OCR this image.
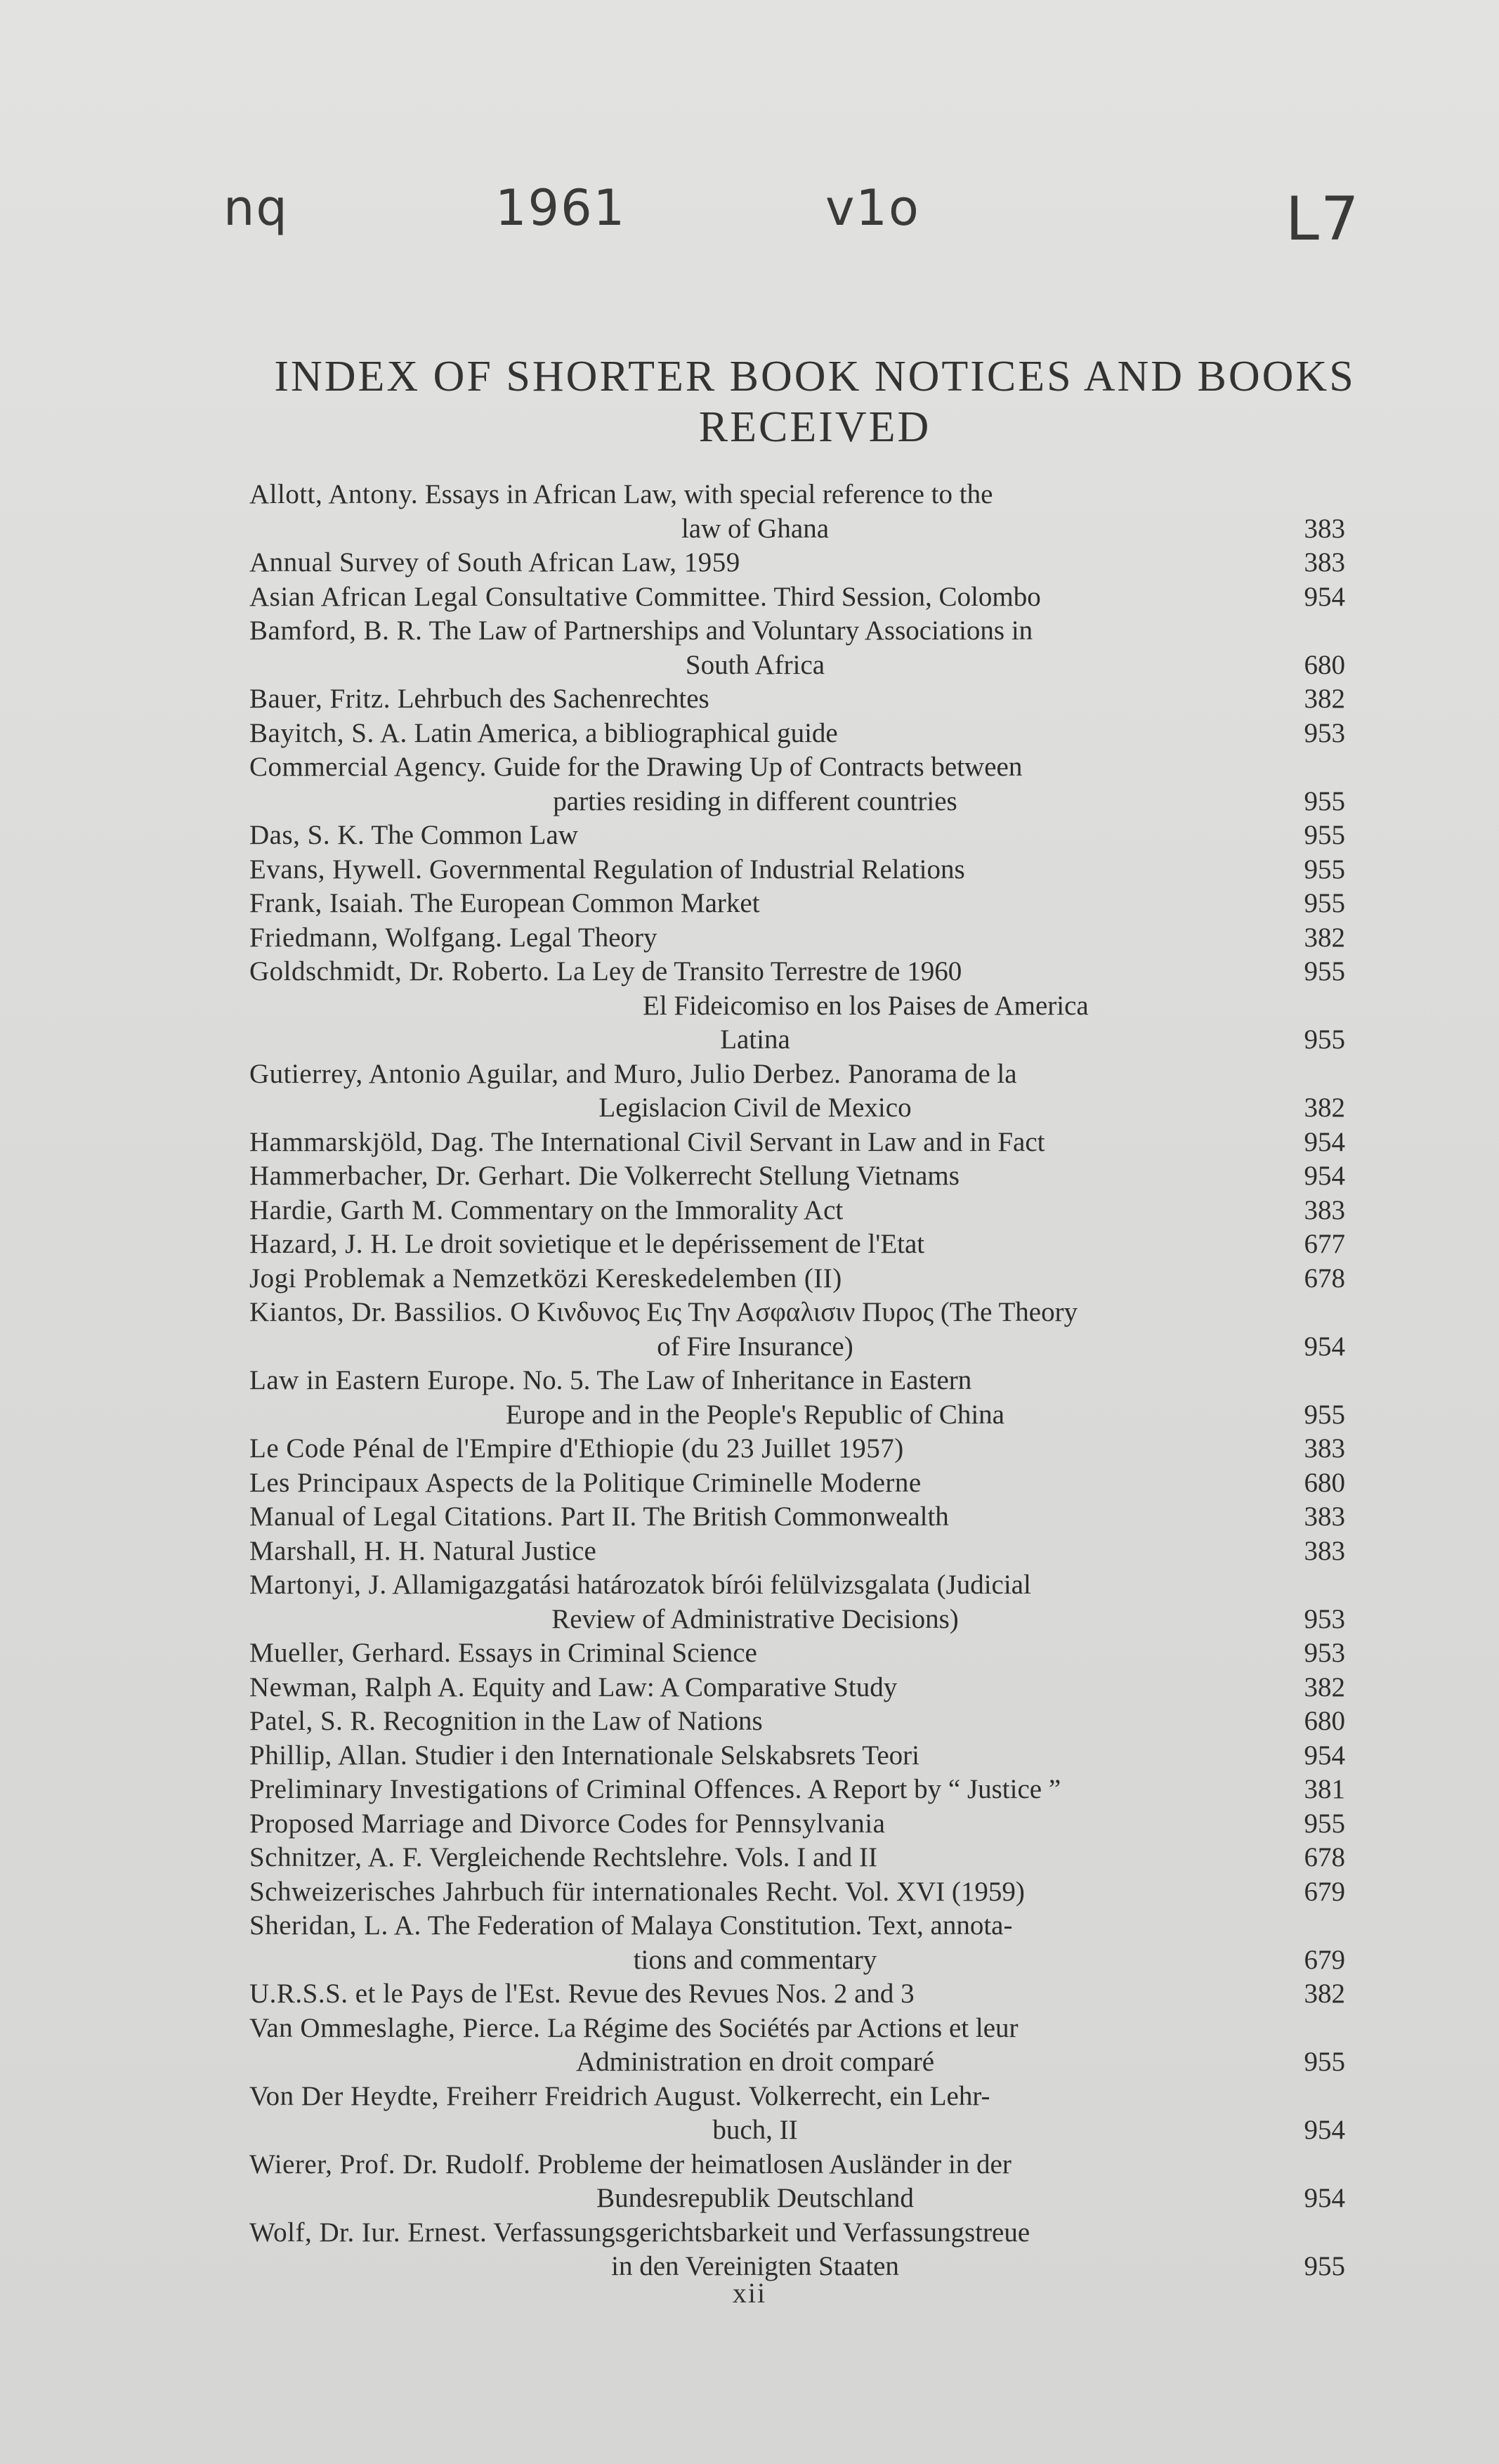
nq	1961	v1o	L7
INDEX OF SHORTER BOOK NOTICES AND BOOKS RECEIVED
Allott, Antony. Essays in African Law, with special reference to the
law of Ghana	383
Annual Survey of South African Law, 1959	383
Asian African Legal Consultative Committee. Third Session, Colombo	954
Bamford, B. R. The Law of Partnerships and Voluntary Associations in
South Africa	680
Bauer, Fritz. Lehrbuch des Sachenrechtes	382
Bayitch, S. A. Latin America, a bibliographical guide	953
Commercial Agency. Guide for the Drawing Up of Contracts between
parties residing in different countries	955
Das, S. K. The Common Law	955
Evans, Hywell. Governmental Regulation of Industrial Relations	955
Frank, Isaiah. The European Common Market	955
Friedmann, Wolfgang. Legal Theory	382
Goldschmidt, Dr. Roberto. La Ley de Transito Terrestre de 1960	955
El Fideicomiso en los Paises de America
Latina	955
Gutierrey, Antonio Aguilar, and Muro, Julio Derbez. Panorama de la
Legislacion Civil de Mexico	382
Hammarskjöld, Dag. The International Civil Servant in Law and in Fact	954
Hammerbacher, Dr. Gerhart. Die Volkerrecht Stellung Vietnams	954
Hardie, Garth M. Commentary on the Immorality Act	383
Hazard, J. H. Le droit sovietique et le depérissement de l'Etat	677
Jogi Problemak a Nemzetközi Kereskedelemben (II)	678
Kiantos, Dr. Bassilios. Ο Κινδυνος Εις Την Ασφαλισιν Πυρος (The Theory
of Fire Insurance)	954
Law in Eastern Europe. No. 5. The Law of Inheritance in Eastern
Europe and in the People's Republic of China	955
Le Code Pénal de l'Empire d'Ethiopie (du 23 Juillet 1957)	383
Les Principaux Aspects de la Politique Criminelle Moderne	680
Manual of Legal Citations. Part II. The British Commonwealth	383
Marshall, H. H. Natural Justice	383
Martonyi, J. Allamigazgatási határozatok bírói felülvizsgalata (Judicial
Review of Administrative Decisions)	953
Mueller, Gerhard. Essays in Criminal Science	953
Newman, Ralph A. Equity and Law: A Comparative Study	382
Patel, S. R. Recognition in the Law of Nations	680
Phillip, Allan. Studier i den Internationale Selskabsrets Teori	954
Preliminary Investigations of Criminal Offences. A Report by “ Justice ”	381
Proposed Marriage and Divorce Codes for Pennsylvania	955
Schnitzer, A. F. Vergleichende Rechtslehre. Vols. I and II	678
Schweizerisches Jahrbuch für internationales Recht. Vol. XVI (1959)	679
Sheridan, L. A. The Federation of Malaya Constitution. Text, annota-
tions and commentary	679
U.R.S.S. et le Pays de l'Est. Revue des Revues Nos. 2 and 3	382
Van Ommeslaghe, Pierce. La Régime des Sociétés par Actions et leur
Administration en droit comparé	955
Von Der Heydte, Freiherr Freidrich August. Volkerrecht, ein Lehr-
buch, II	954
Wierer, Prof. Dr. Rudolf. Probleme der heimatlosen Ausländer in der
Bundesrepublik Deutschland	954
Wolf, Dr. Iur. Ernest. Verfassungsgerichtsbarkeit und Verfassungstreue
in den Vereinigten Staaten	955
xii
